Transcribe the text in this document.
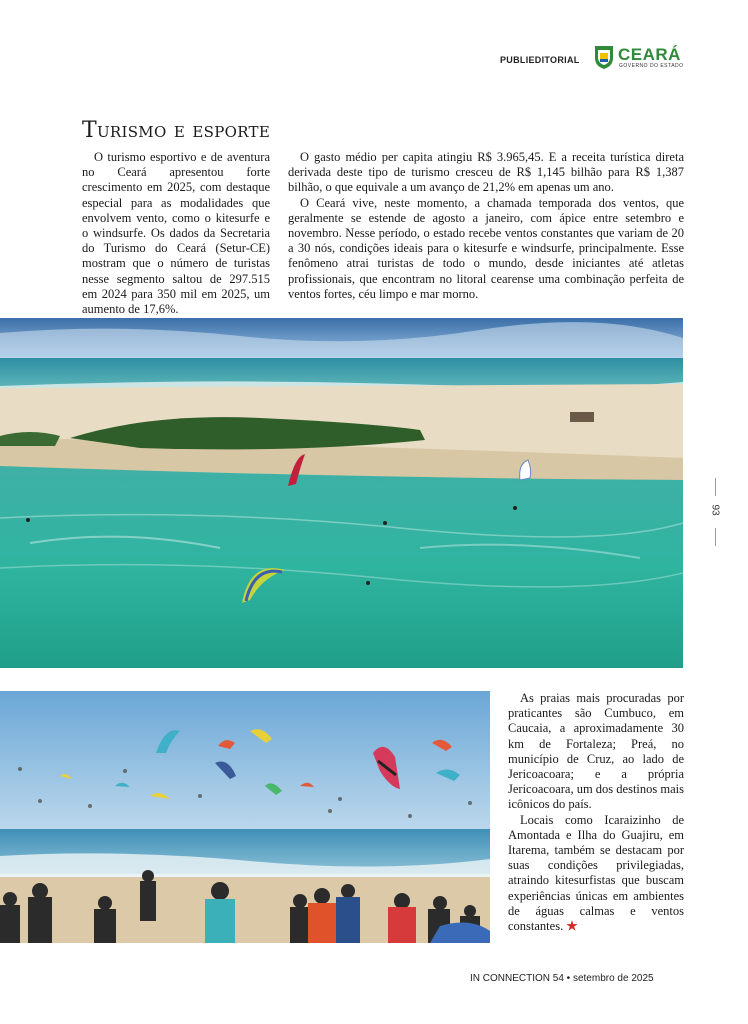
PUBLIEDITORIAL CEARÁ
GOVERNO DO ESTADO
Turismo e esporte

O turismo esportivo e de aventura no Ceará apresentou forte crescimento em 2025, com destaque especial para as modalidades que envolvem vento, como o kitesurfe e o windsurfe. Os dados da Secretaria do Turismo do Ceará (Setur-CE) mostram que o número de turistas nesse segmento saltou de 297.515 em 2024 para 350 mil em 2025, um aumento de 17,6%.

O gasto médio per capita atingiu R$ 3.965,45. E a receita turística direta derivada deste tipo de turismo cresceu de R$ 1,145 bilhão para R$ 1,387 bilhão, o que equivale a um avanço de 21,2% em apenas um ano.

O Ceará vive, neste momento, a chamada temporada dos ventos, que geralmente se estende de agosto a janeiro, com ápice entre setembro e novembro. Nesse período, o estado recebe ventos constantes que variam de 20 a 30 nós, condições ideais para o kitesurfe e windsurfe, principalmente. Esse fenômeno atrai turistas de todo o mundo, desde iniciantes até atletas profissionais, que encontram no litoral cearense uma combinação perfeita de ventos fortes, céu limpo e mar morno.

As praias mais procuradas por praticantes são Cumbuco, em Caucaia, a aproximadamente 30 km de Fortaleza; Preá, no município de Cruz, ao lado de Jericoacoara; e a própria Jericoacoara, um dos destinos mais icônicos do país.

Locais como Icaraizinho de Amontada e Ilha do Guajiru, em Itarema, também se destacam por suas condições privilegiadas, atraindo kitesurfistas que buscam experiências únicas em ambientes de águas calmas e ventos constantes. ★

93
IN CONNECTION 54 • setembro de 2025
